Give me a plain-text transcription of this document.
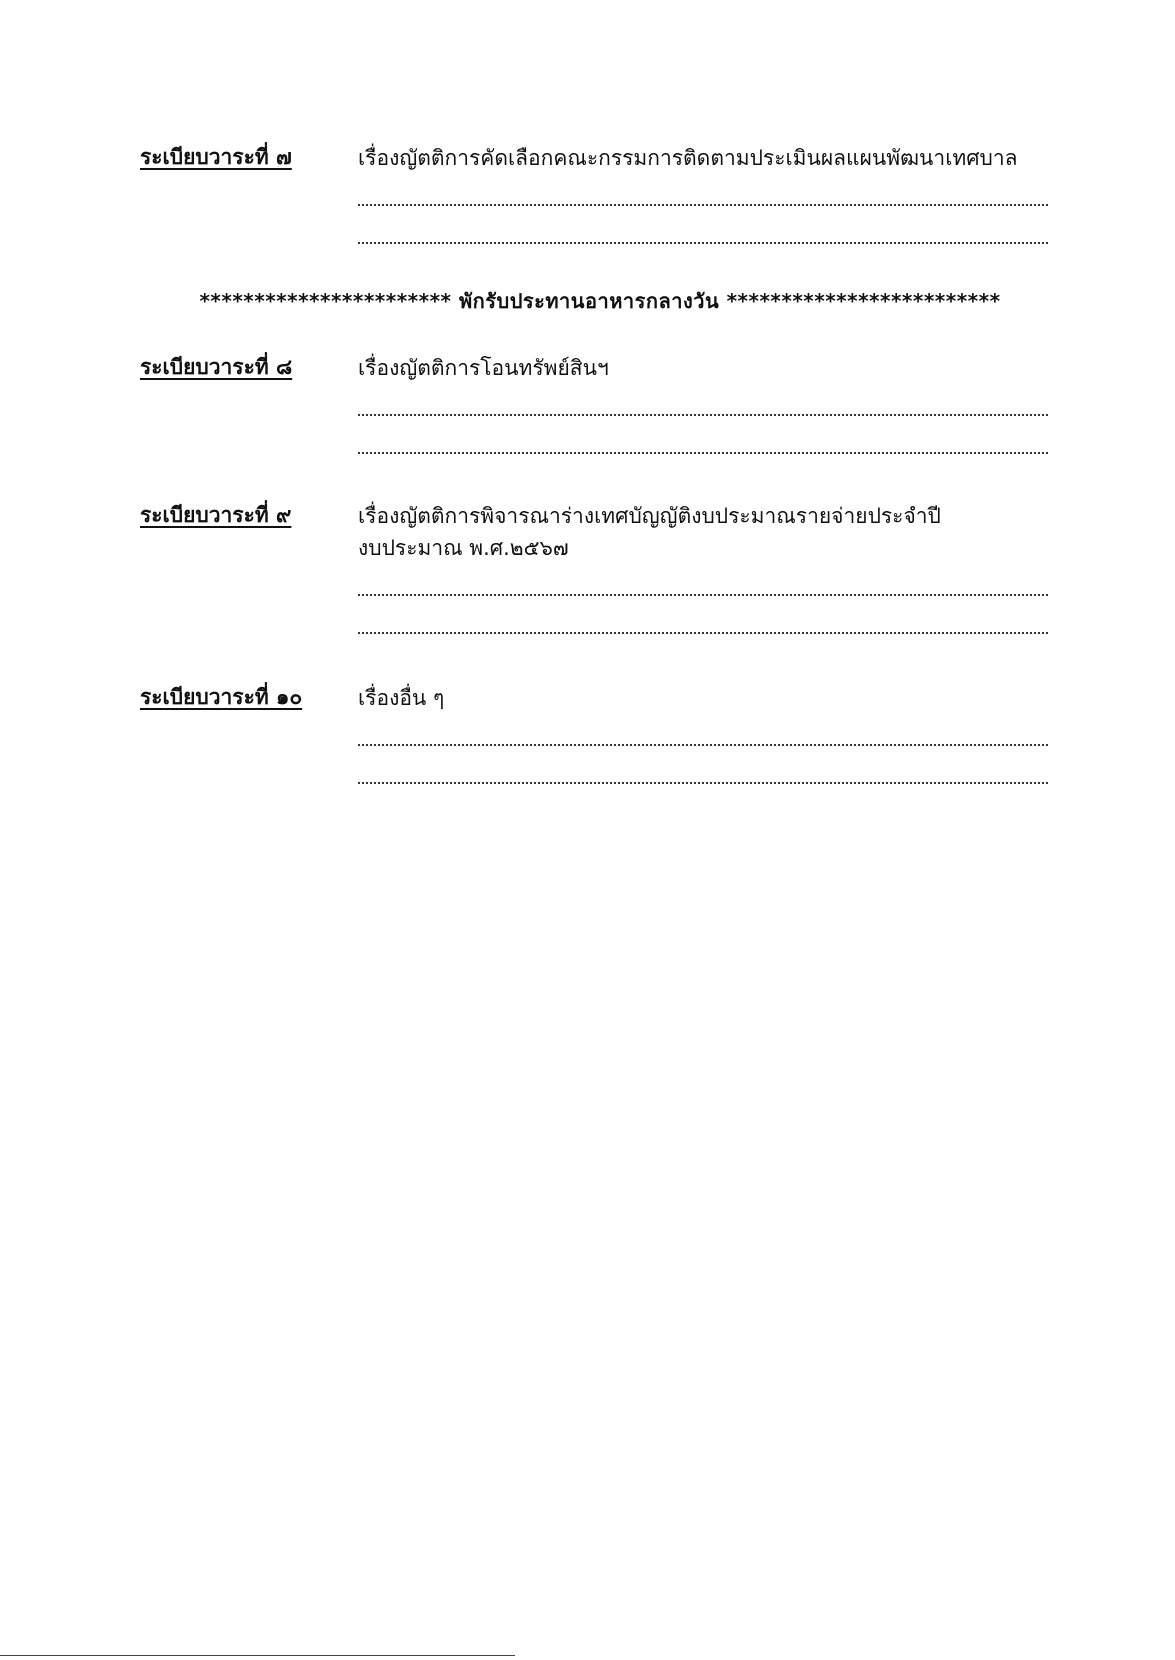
ระเบียบวาระที่ ๗	เรื่องญัตติการคัดเลือกคณะกรรมการติดตามประเมินผลแผนพัฒนาเทศบาล
*********************** พักรับประทานอาหารกลางวัน *************************
ระเบียบวาระที่ ๘	เรื่องญัตติการโอนทรัพย์สินฯ
ระเบียบวาระที่ ๙	เรื่องญัตติการพิจารณาร่างเทศบัญญัติงบประมาณรายจ่ายประจำปี
งบประมาณ พ.ศ.๒๕๖๗
ระเบียบวาระที่ ๑๐	เรื่องอื่น ๆ
